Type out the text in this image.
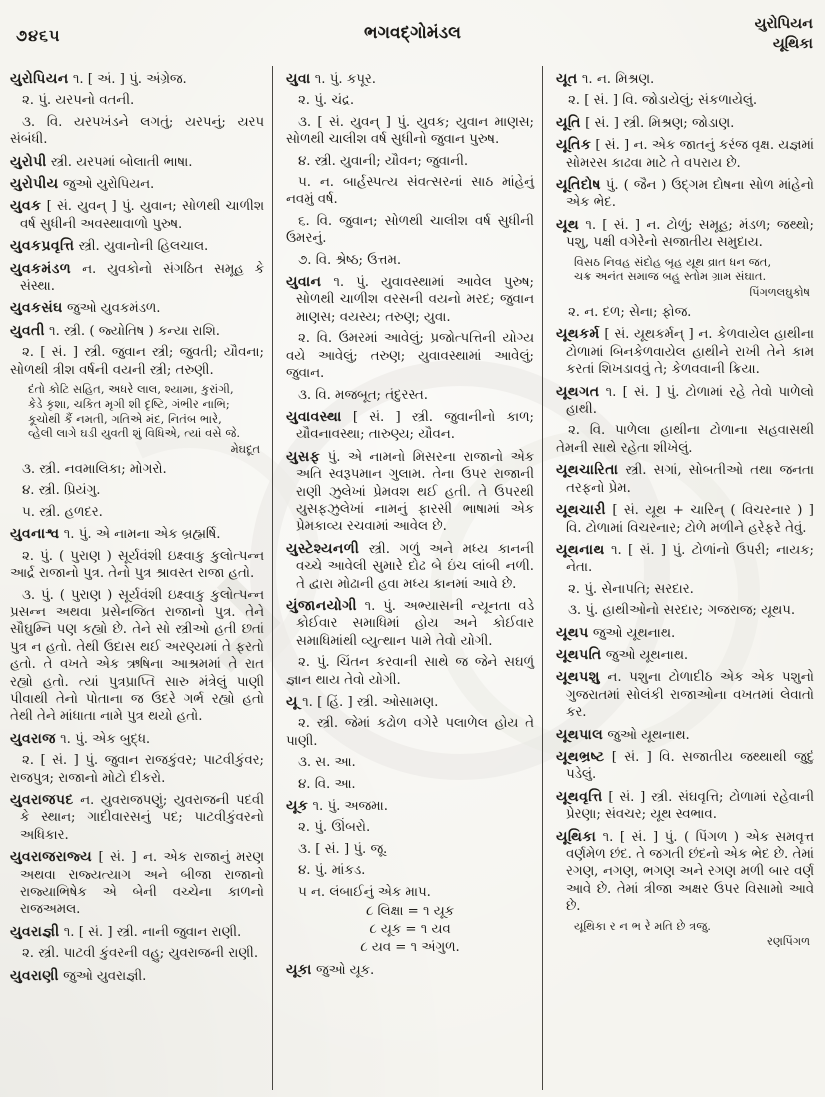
૭૪૬૫	ભગવદ્ગોમંડલ	યુરોપિયન
યૂથિકા

યુરોપિયન ૧. [ અં. ] પું. અંગ્રેજ.

૨. પું. યરપનો વતની.

૩. વિ. યરપખંડને લગતું; યરપનું; યરપ સંબંધી.

યુરોપી સ્ત્રી. યરપમાં બોલાતી ભાષા.

યુરોપીય જુઓ યુરોપિયન.

યુવક [ સં. યુવન્ ] પું. યુવાન; સોળથી ચાળીશ વર્ષ સુધીની અવસ્થાવાળો પુરુષ.

યુવકપ્રવૃત્તિ સ્ત્રી. યુવાનોની હિલચાલ.

યુવકમંડળ ન. યુવકોનો સંગઠિત સમૂહ કે સંસ્થા.

યુવકસંઘ જુઓ યુવકમંડળ.

યુવતી ૧. સ્ત્રી. ( જ્યોતિષ ) કન્યા રાશિ.

૨. [ સં. ] સ્ત્રી. જુવાન સ્ત્રી; જુવતી; યૌવના; સોળથી ત્રીશ વર્ષની વયની સ્ત્રી; તરુણી.

દંતો કોટિ સહિત, અધરે લાલ, શ્યામા, કુરાંગી,
કેડે કૃશા, ચકિત મૃગી શી દૃષ્ટિ, ગંભીર નાભિ;
કૂચોથી કૈં નમતી, ગતિએ મંદ, નિતંબ ભારે,
વ્હેલી લાગે ઘડી યુવતી શું વિધિએ, ત્યાં વસે જે.
મેઘદૂત

૩. સ્ત્રી. નવમાલિકા; મોગરો.

૪. સ્ત્રી. પ્રિયંગુ.

૫. સ્ત્રી. હળદર.

યુવનાશ્વ ૧. પું. એ નામના એક બ્રહ્મર્ષિ.

૨. પું. ( પુરાણ ) સૂર્યવંશી ઇક્ષ્વાકુ કુલોત્પન્ન આર્દ્ર રાજાનો પુત્ર. તેનો પુત્ર શ્રાવસ્ત રાજા હતો.

૩. પું. ( પુરાણ ) સૂર્યવંશી ઇક્ષ્વાકુ કુલોત્પન્ન પ્રસન્ન અથવા પ્રસેનજિત રાજાનો પુત્ર. તેને સૌઘુમ્નિ પણ કહ્યો છે. તેને સો સ્ત્રીઓ હતી છતાં પુત્ર ન હતો. તેથી ઉદાસ થઈ અરણ્યમાં તે ફરતો હતો. તે વખતે એક ઋષિના આશ્રમમાં તે રાત રહ્યો હતો. ત્યાં પુત્રપ્રાપ્તિ સારુ મંત્રેલું પાણી પીવાથી તેનો પોતાના જ ઉદરે ગર્ભ રહ્યો હતો તેથી તેને માંધાતા નામે પુત્ર થયો હતો.

યુવરાજ ૧. પું. એક બુદ્ધ.

૨. [ સં. ] પું. જુવાન રાજકુંવર; પાટવીકુંવર; રાજપુત્ર; રાજાનો મોટો દીકરો.

યુવરાજપદ ન. યુવરાજપણું; યુવરાજની પદવી કે સ્થાન; ગાદીવારસનું પદ; પાટવીકુંવરનો અધિકાર.

યુવરાજરાજ્ય [ સં. ] ન. એક રાજાનું મરણ અથવા રાજ્યત્યાગ અને બીજા રાજાનો રાજ્યાભિષેક એ બેની વચ્ચેના કાળનો રાજઅમલ.

યુવરાજ્ઞી ૧. [ સં. ] સ્ત્રી. નાની જુવાન રાણી.

૨. સ્ત્રી. પાટવી કુંવરની વહુ; યુવરાજની રાણી.

યુવરાણી જુઓ યુવરાજ્ઞી.

યુવા ૧. પું. કપૂર.

૨. પું. ચંદ્ર.

૩. [ સં. યુવન્ ] પું. યુવક; યુવાન માણસ; સોળથી ચાલીશ વર્ષ સુધીનો જુવાન પુરુષ.

૪. સ્ત્રી. યુવાની; યૌવન; જુવાની.

૫. ન. બાર્હસ્પત્ય સંવત્સરનાં સાઠ માંહેનું નવમું વર્ષ.

૬. વિ. જુવાન; સોળથી ચાલીશ વર્ષ સુધીની ઉમરનું.

૭. વિ. શ્રેષ્ઠ; ઉત્તમ.

યુવાન ૧. પું. યુવાવસ્થામાં આવેલ પુરુષ; સોળથી ચાળીશ વરસની વયનો મરદ; જુવાન માણસ; વયસ્ય; તરુણ; યુવા.

૨. વિ. ઉમરમાં આવેલું; પ્રજોત્પત્તિની યોગ્ય વયે આવેલું; તરુણ; યુવાવસ્થામાં આવેલું; જુવાન.

૩. વિ. મજબૂત; તંદુરસ્ત.

યુવાવસ્થા [ સં. ] સ્ત્રી. જુવાનીનો કાળ; યૌવનાવસ્થા; તારુણ્ય; યૌવન.

યુસફ પું. એ નામનો મિસરના રાજાનો એક અતિ સ્વરૂપમાન ગુલામ. તેના ઉપર રાજાની રાણી ઝુલેખાં પ્રેમવશ થઈ હતી. તે ઉપરથી યુસફઝુલેખાં નામનું ફારસી ભાષામાં એક પ્રેમકાવ્ય રચવામાં આવેલ છે.

યુસ્ટેશ્યનળી સ્ત્રી. ગળું અને મધ્ય કાનની વચ્ચે આવેલી સુમારે દોઢ બે ઇંચ લાંબી નળી. તે દ્વારા મોઢાની હવા મધ્ય કાનમાં આવે છે.

યુંજાનયોગી ૧. પું. અભ્યાસની ન્યૂનતા વડે કોઈવાર સમાધિમાં હોય અને કોઈવાર સમાધિમાંથી વ્યુત્થાન પામે તેવો યોગી.

૨. પું. ચિંતન કરવાની સાથે જ જેને સઘળું જ્ઞાન થાય તેવો યોગી.

યૂ ૧. [ હિં. ] સ્ત્રી. ઓસામણ.

૨. સ્ત્રી. જેમાં કઢોળ વગેરે પલાળેલ હોય તે પાણી.

૩. સ. આ.

૪. વિ. આ.

યૂક ૧. પું. અજમા.

૨. પું. ઊંબરો.

૩. [ સં. ] પું. જૂ.

૪. પું. માંકડ.

૫ ન. લંબાઈનું એક માપ.

૮ લિક્ષા = ૧ યૂક
૮ યૂક = ૧ યવ
૮ યવ = ૧ અંગુળ.

યૂકા જુઓ યૂક.

યૂત ૧. ન. મિશ્રણ.

૨. [ સં. ] વિ. જોડાયેલું; સંકળાયેલું.

યૂતિ [ સં. ] સ્ત્રી. મિશ્રણ; જોડાણ.

યૂતિક [ સં. ] ન. એક જાતનું કરંજ વૃક્ષ. યજ્ઞમાં સોમરસ કાઢવા માટે તે વપરાય છે.

યૂતિદોષ પું. ( જૈન ) ઉદ્ગમ દોષના સોળ માંહેનો એક ભેદ.

યૂથ ૧. [ સં. ] ન. ટોળું; સમૂહ; મંડળ; જથ્થો; પશુ, પક્ષી વગેરેનો સજાતીય સમુદાય.

વિસઠ નિવહ સંદોહ બૃહ યૂથ વ્રાત ધન જત,
ચક્ર અનંત સમાજ બહુ સ્તોમ ગ્રામ સંઘાત.
પિંગળલઘુકોષ

૨. ન. દળ; સેના; ફોજ.

યૂથકર્મ [ સં. યૂથકર્મન્ ] ન. કેળવાયેલ હાથીના ટોળામાં બિનકેળવાયેલ હાથીને રાખી તેને કામ કરતાં શિખડાવવું તે; કેળવવાની ક્રિયા.

યૂથગત ૧. [ સં. ] પું. ટોળામાં રહે તેવો પાળેલો હાથી.

૨. વિ. પાળેલા હાથીના ટોળાના સહવાસથી તેમની સાથે રહેતા શીખેલું.

યૂથચારિતા સ્ત્રી. સગાં, સોબતીઓ તથા જનતા તરફનો પ્રેમ.

યૂથચારી [ સં. યૂથ + ચારિન્ ( વિચરનાર ) ] વિ. ટોળામાં વિચરનાર; ટોળે મળીને હરેફરે તેવું.

યૂથનાથ ૧. [ સં. ] પું. ટોળાંનો ઉપરી; નાયક; નેતા.

૨. પું. સેનાપતિ; સરદાર.

૩. પું. હાથીઓનો સરદાર; ગજરાજ; યૂથપ.

યૂથપ જુઓ યૂથનાથ.

યૂથપતિ જુઓ યૂથનાથ.

યૂથપશુ ન. પશુના ટોળાદીઠ એક એક પશુનો ગુજરાતમાં સોલંકી રાજાઓના વખતમાં લેવાતો કર.

યૂથપાલ જુઓ યૂથનાથ.

યૂથભ્રષ્ટ [ સં. ] વિ. સજાતીય જથ્થાથી જુદું પડેલું.

યૂથવૃત્તિ [ સં. ] સ્ત્રી. સંઘવૃત્તિ; ટોળામાં રહેવાની પ્રેરણા; સંવચર; યૂથ સ્વભાવ.

યૂથિકા ૧. [ સં. ] પું. ( પિંગળ ) એક સમવૃત્ત વર્ણમેળ છંદ. તે જગતી છંદનો એક ભેદ છે. તેમાં રગણ, નગણ, ભગણ અને રગણ મળી બાર વર્ણ આવે છે. તેમાં ત્રીજા અક્ષર ઉપર વિસામો આવે છે.

યૂથિકા ર ન ભ રે મતિ છે ત્રજુ.
રણપિંગળ
